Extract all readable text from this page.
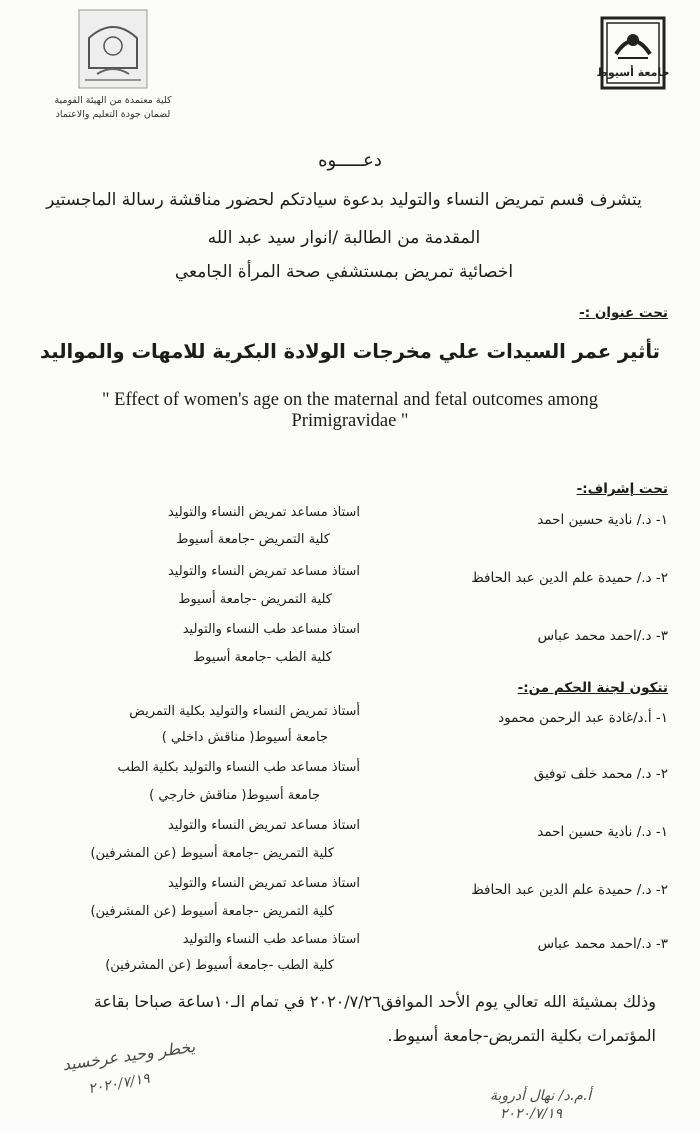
جامعة أسيوط
كلية معتمدة من الهيئة القومية
لضمان جودة التعليم والاعتماد
دعـــــوه
يتشرف قسم تمريض النساء والتوليد بدعوة سيادتكم لحضور مناقشة رسالة الماجستير
المقدمة من الطالبة /انوار سيد عبد الله
اخصائية تمريض بمستشفي صحة المرأة الجامعي
تحت عنوان :-
تأثير عمر السيدات علي مخرجات الولادة البكرية للامهات والمواليد
" Effect of women's age on the maternal and fetal outcomes among
Primigravidae "
تحت إشراف:-
١- د./ نادية حسين احمد
استاذ مساعد تمريض النساء والتوليد
كلية التمريض -جامعة أسيوط
٢- د./ حميدة علم الدين عبد الحافظ
استاذ مساعد تمريض النساء والتوليد
كلية التمريض -جامعة أسيوط
٣- د./احمد محمد عباس
استاذ مساعد طب النساء والتوليد
كلية الطب -جامعة أسيوط
تتكون لجنة الحكم من:-
١- أ.د/غادة عبد الرحمن محمود
أستاذ تمريض النساء والتوليد بكلية التمريض
جامعة أسيوط( مناقش داخلي )
٢- د./ محمد خلف توفيق
أستاذ مساعد طب النساء والتوليد بكلية الطب
جامعة أسيوط( مناقش خارجي )
١- د./ نادية حسين احمد
استاذ مساعد تمريض النساء والتوليد
كلية التمريض -جامعة أسيوط (عن المشرفين)
٢- د./ حميدة علم الدين عبد الحافظ
استاذ مساعد تمريض النساء والتوليد
كلية التمريض -جامعة أسيوط (عن المشرفين)
٣- د./احمد محمد عباس
استاذ مساعد طب النساء والتوليد
كلية الطب -جامعة أسيوط (عن المشرفين)
وذلك بمشيئة الله تعالي يوم الأحد الموافق٢٠٢٠/٧/٢٦ في تمام الـ١٠ساعة صباحا بقاعة
المؤتمرات بكلية التمريض-جامعة أسيوط.
يخطر وحيد عرخسيد
٢٠٢٠/٧/١٩	أ.م.د/ نهال أدروبة
٢٠٢٠/٧/١٩
